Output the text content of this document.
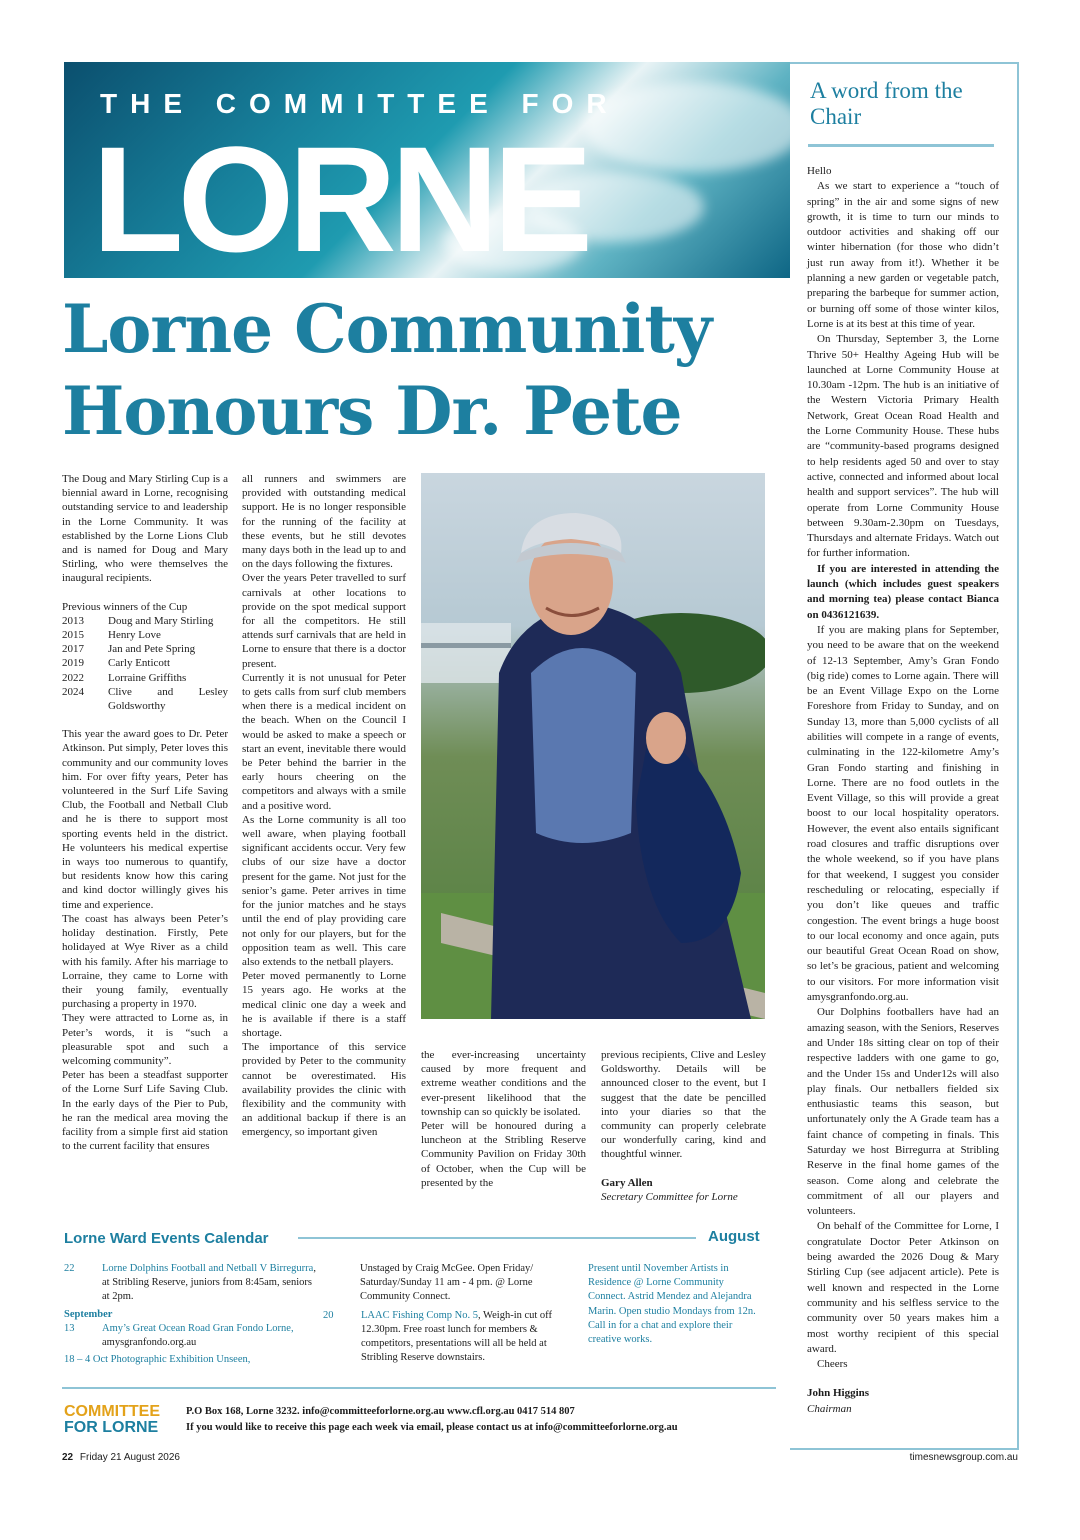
THE COMMITTEE FOR
LORNE
Lorne Community Honours Dr. Pete

The Doug and Mary Stirling Cup is a biennial award in Lorne, recognising outstanding service to and leadership in the Lorne Community. It was established by the Lorne Lions Club and is named for Doug and Mary Stirling, who were themselves the inaugural recipients.

Previous winners of the Cup

2013	Doug and Mary Stirling
2015	Henry Love
2017	Jan and Pete Spring
2019	Carly Enticott
2022	Lorraine Griffiths
2024	Clive and Lesley Goldsworthy

This year the award goes to Dr. Peter Atkinson. Put simply, Peter loves this community and our community loves him. For over fifty years, Peter has volunteered in the Surf Life Saving Club, the Football and Netball Club and he is there to support most sporting events held in the district. He volunteers his medical expertise in ways too numerous to quantify, but residents know how this caring and kind doctor willingly gives his time and experience.

The coast has always been Peter’s holiday destination. Firstly, Pete holidayed at Wye River as a child with his family. After his marriage to Lorraine, they came to Lorne with their young family, eventually purchasing a property in 1970.

They were attracted to Lorne as, in Peter’s words, it is “such a pleasurable spot and such a welcoming community”.

Peter has been a steadfast supporter of the Lorne Surf Life Saving Club. In the early days of the Pier to Pub, he ran the medical area moving the facility from a simple first aid station to the current facility that ensures

all runners and swimmers are provided with outstanding medical support. He is no longer responsible for the running of the facility at these events, but he still devotes many days both in the lead up to and on the days following the fixtures.

Over the years Peter travelled to surf carnivals at other locations to provide on the spot medical support for all the competitors. He still attends surf carnivals that are held in Lorne to ensure that there is a doctor present.

Currently it is not unusual for Peter to gets calls from surf club members when there is a medical incident on the beach. When on the Council I would be asked to make a speech or start an event, inevitable there would be Peter behind the barrier in the early hours cheering on the competitors and always with a smile and a positive word.

As the Lorne community is all too well aware, when playing football significant accidents occur. Very few clubs of our size have a doctor present for the game. Not just for the senior’s game. Peter arrives in time for the junior matches and he stays until the end of play providing care not only for our players, but for the opposition team as well. This care also extends to the netball players.

Peter moved permanently to Lorne 15 years ago. He works at the medical clinic one day a week and he is available if there is a staff shortage.

The importance of this service provided by Peter to the community cannot be overestimated. His availability provides the clinic with flexibility and the community with an additional backup if there is an emergency, so important given

the ever-increasing uncertainty caused by more frequent and extreme weather conditions and the ever-present likelihood that the township can so quickly be isolated.

Peter will be honoured during a luncheon at the Stribling Reserve Community Pavilion on Friday 30th of October, when the Cup will be presented by the

previous recipients, Clive and Lesley Goldsworthy. Details will be announced closer to the event, but I suggest that the date be pencilled into your diaries so that the community can properly celebrate our wonderfully caring, kind and thoughtful winner.

Gary Allen

Secretary Committee for Lorne

A word from the Chair

Hello

As we start to experience a “touch of spring” in the air and some signs of new growth, it is time to turn our minds to outdoor activities and shaking off our winter hibernation (for those who didn’t just run away from it!). Whether it be planning a new garden or vegetable patch, preparing the barbeque for summer action, or burning off some of those winter kilos, Lorne is at its best at this time of year.

On Thursday, September 3, the Lorne Thrive 50+ Healthy Ageing Hub will be launched at Lorne Community House at 10.30am -12pm. The hub is an initiative of the Western Victoria Primary Health Network, Great Ocean Road Health and the Lorne Community House. These hubs are “community-based programs designed to help residents aged 50 and over to stay active, connected and informed about local health and support services”. The hub will operate from Lorne Community House between 9.30am-2.30pm on Tuesdays, Thursdays and alternate Fridays. Watch out for further information.

If you are interested in attending the launch (which includes guest speakers and morning tea) please contact Bianca on 0436121639.

If you are making plans for September, you need to be aware that on the weekend of 12-13 September, Amy’s Gran Fondo (big ride) comes to Lorne again. There will be an Event Village Expo on the Lorne Foreshore from Friday to Sunday, and on Sunday 13, more than 5,000 cyclists of all abilities will compete in a range of events, culminating in the 122-kilometre Amy’s Gran Fondo starting and finishing in Lorne. There are no food outlets in the Event Village, so this will provide a great boost to our local hospitality operators. However, the event also entails significant road closures and traffic disruptions over the whole weekend, so if you have plans for that weekend, I suggest you consider rescheduling or relocating, especially if you don’t like queues and traffic congestion. The event brings a huge boost to our local economy and once again, puts our beautiful Great Ocean Road on show, so let’s be gracious, patient and welcoming to our visitors. For more information visit amysgranfondo.org.au.

Our Dolphins footballers have had an amazing season, with the Seniors, Reserves and Under 18s sitting clear on top of their respective ladders with one game to go, and the Under 15s and Under12s will also play finals. Our netballers fielded six enthusiastic teams this season, but unfortunately only the A Grade team has a faint chance of competing in finals. This Saturday we host Birregurra at Stribling Reserve in the final home games of the season. Come along and celebrate the commitment of all our players and volunteers.

On behalf of the Committee for Lorne, I congratulate Doctor Peter Atkinson on being awarded the 2026 Doug & Mary Stirling Cup (see adjacent article). Pete is well known and respected in the Lorne community and his selfless service to the community over 50 years makes him a most worthy recipient of this special award.

Cheers

John Higgins

Chairman

Lorne Ward Events Calendar	August
22	Lorne Dolphins Football and Netball V Birregurra, at Stribling Reserve, juniors from 8:45am, seniors at 2pm.
September
13	Amy’s Great Ocean Road Gran Fondo Lorne,
amysgranfondo.org.au
18 – 4 Oct Photographic Exhibition Unseen,
Unstaged by Craig McGee. Open Friday/ Saturday/Sunday 11 am - 4 pm. @ Lorne Community Connect.
20	LAAC Fishing Comp No. 5, Weigh-in cut off 12.30pm. Free roast lunch for members & competitors, presentations will all be held at Stribling Reserve downstairs.
Present until November Artists in Residence @ Lorne Community Connect. Astrid Mendez and Alejandra Marin. Open studio Mondays from 12n. Call in for a chat and explore their creative works.
COMMITTEE
FOR LORNE
P.O Box 168, Lorne 3232. info@committeeforlorne.org.au www.cfl.org.au 0417 514 807
If you would like to receive this page each week via email, please contact us at info@committeeforlorne.org.au
22 Friday 21 August 2026	timesnewsgroup.com.au
